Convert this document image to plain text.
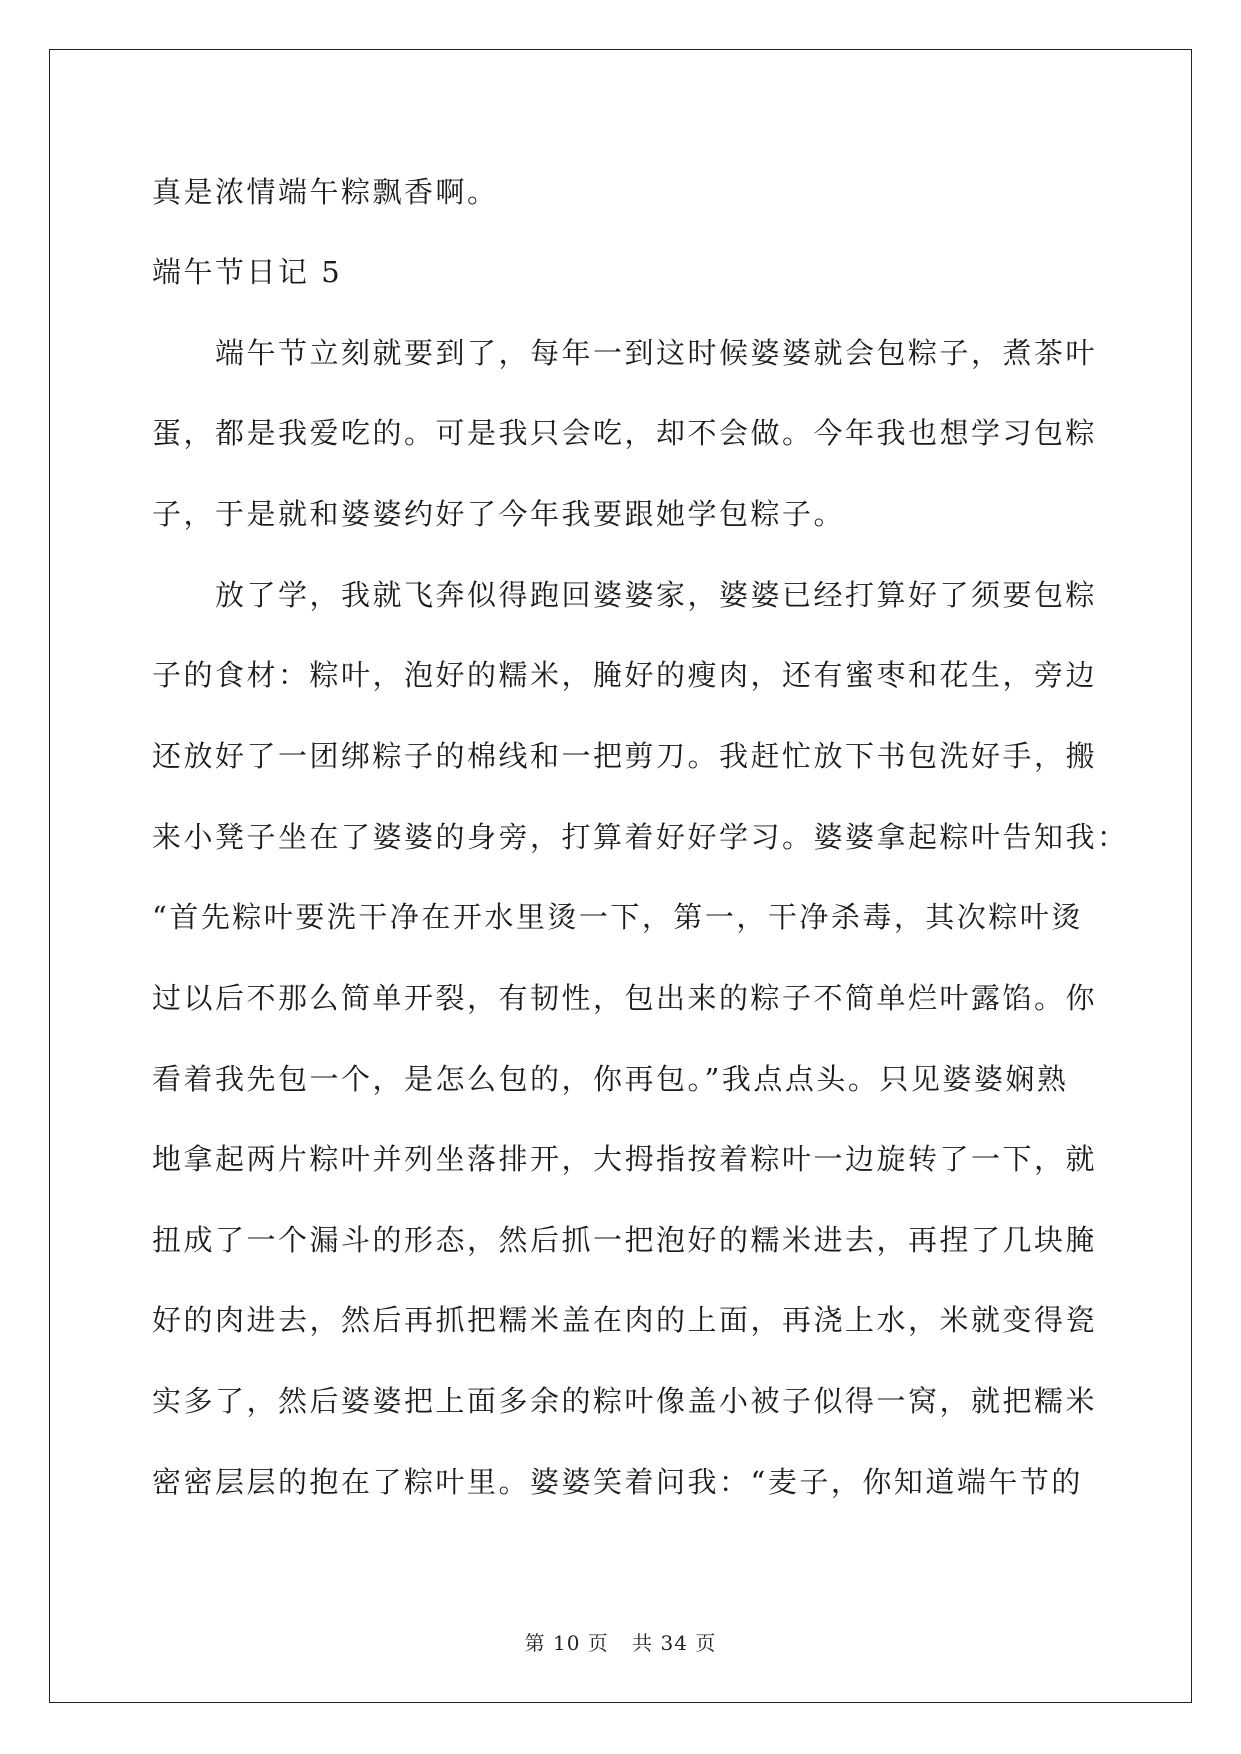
真是浓情端午粽飘香啊。
端午节日记 5
　　端午节立刻就要到了，每年一到这时候婆婆就会包粽子，煮茶叶
蛋，都是我爱吃的。可是我只会吃，却不会做。今年我也想学习包粽
子，于是就和婆婆约好了今年我要跟她学包粽子。
　　放了学，我就飞奔似得跑回婆婆家，婆婆已经打算好了须要包粽
子的食材：粽叶，泡好的糯米，腌好的瘦肉，还有蜜枣和花生，旁边
还放好了一团绑粽子的棉线和一把剪刀。我赶忙放下书包洗好手，搬
来小凳子坐在了婆婆的身旁，打算着好好学习。婆婆拿起粽叶告知我：
“首先粽叶要洗干净在开水里烫一下，第一，干净杀毒，其次粽叶烫
过以后不那么简单开裂，有韧性，包出来的粽子不简单烂叶露馅。你
看着我先包一个，是怎么包的，你再包。”我点点头。只见婆婆娴熟
地拿起两片粽叶并列坐落排开，大拇指按着粽叶一边旋转了一下，就
扭成了一个漏斗的形态，然后抓一把泡好的糯米进去，再捏了几块腌
好的肉进去，然后再抓把糯米盖在肉的上面，再浇上水，米就变得瓷
实多了，然后婆婆把上面多余的粽叶像盖小被子似得一窝，就把糯米
密密层层的抱在了粽叶里。婆婆笑着问我：“麦子，你知道端午节的
第 10 页 共 34 页
